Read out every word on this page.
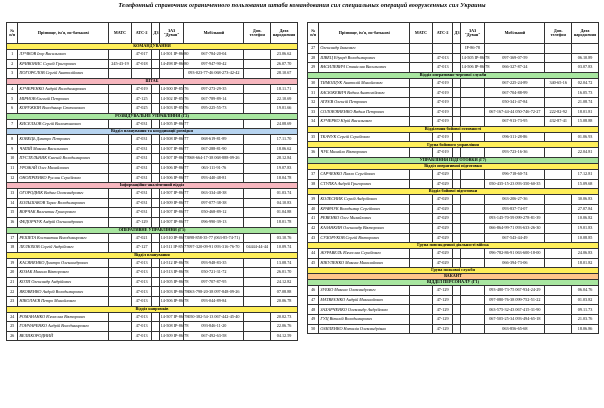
Телефонный справочник ограниченного пользования штаба командования сил специальных операций вооруженных сил Украины
№ п/п	Прізвище, ім'я, по-батькові	МАТС	АТС-2	ДЗ	ЗАЗ "Дуван"	Мобільний	Дом. телефон	Дата народження
КОМАНДУВАННЯ								
1	ЛУЧКОВ Ігор Васильович		47-017		14-501 IP-86-80	067-784-20-04		23.06.62
2	КРИВОНИС Сергій Григорович	245-43-19	47-018		14-498 IP-86-80	097-947-90-42		26.07.70
3	ПОГОРЄЛОВ Сергій Анатолійович					093-023-77-46 068-273-42-42		28.10.67
ШТАБ								
4	КУЧЕРЕНКО Андрій Володимирович		47-019		14-500 IP-85-76	097-273-29-35		18.11.71
5	МІРНОВ Євгеній Петрович		47-125		14-502 IP-85-76	067-789-89-14		22.10.69
6	КОРУЖКІН Володимир Степанович		47-025		14-503 IP-85-76	095-225-55-73		19.01.66
РОЗВІДУВАЛЬНЕ УПРАВЛІННЯ (Г2)								
7	КИСЕЛЬОВ Сергій Валентинович		47-031		14-505 IP-86-77			24.08.69
Відділ планування та координації розвідки								
8	КОВЕЦЬ Дмитро Петрович		47-031		14-508 IP-86-77	068-619-81-89		17.11.70
9	ЧАПІЙ Микола Васильович		47-031		14-507 IP-86-77	067-288-81-90		18.06.62
10	ПУСТЕЛЬНИК Євгеній Володимирович		47-031		14-507 IP-86-77	068-664-17-38 068-888-09-26		28.12.84
11	УРОЖАЙ Олег Михайлович		47-031		14-506 IP-86-77	063-111-91-76		19.07.83
12	ОНОПРІЕНКО Руслан Сергійович		47-031		14-506 IP-86-77	093-440-48-81		18.04.78
Інформаційно-аналітичний відділ								
13	ОГОРОДНІК Вадим Олександрович		47-031		14-507 IP-86-77	063-334-48-38		01.03.74
14	БОЛЬШАКОВ Тарас Володимирович		47-031		14-509 IP-86-77	097-077-38-38		04.10.83
15	ВОРЧАК Валентин Григорович		47-031		14-507 IP-86-77	050-468-89-12		01.04.88
16	ФЕДОРЧУК Андрій Олександрович		47-129		14-507 IP-86-77	096-990-39-13		18.01.78
ОПЕРАТИВНЕ УПРАВЛІННЯ (Г3)								
17	РЕШЕТА Костянтин Володимирович		47-021		14-510 IP-86-73	098-858-35-77 (063-85-74-71)		03.10.76
18	ЛЕЛЮХОВ Сергій Андрійович		47-127		14-511 IP-85-77	097-320-09-91 093-316-76-70	04444-44-44	10.09.74
Відділ планування								
19	КАСЯНЕНКО Дмитро Олександрович		47-013		14-512 IP-86-78	093-948-83-35		13.08.74
20	КОЗАК Микола Вікторович		47-013		14-513 IP-86-78	050-721-31-72		26.01.70
21	КОТИ Олександр Андрійович		47-013		14-505 IP-86-78	097-707-87-95		24.12.82
22	ЯКОВЕНКО Андрій Володимирович		47-013		14-503 IP-86-78	063-798-20-38 097-848-09-26		07.08.88
23	НІКОЛАЄВ Петро Михайлович		47-013		14-506 IP-86-78	093-044-89-84		20.06.78
Відділ напрямків								
24	РОМАНАНКО В'ячеслав Вікторович		47-013		14-507 IP-86-78	050-382-54-13 067-442-45-40		20.02.73
25	ГОНЧАРЕНКО Андрій Володимирович		47-013		14-508 IP-86-78	093-846-11-20		22.06.76
26	ВЕЛИКОРОДНИЙ		47-013		14-509 IP-86-78	067-492-63-58		04.12.59
№ п/п	Прізвище, ім'я, по-батькові	МАТС	АТС-2	ДЗ	ЗАЗ "Дуван"	Мобільний	Дом. телефон	Дата народження
27	Олександр Іванович				IP-86-78			
28	ШВЕЦ Едуард Володимирович		47-013		14-505 IP-86-78	097-369-07-59		06.10.89
29	ВАСИЛЕВИЧ Станіслав Васильович		47-013		14-506 IP-86-78	066-327-87-24		03.07.83
Відділ оперативно-чергової служби								
30	ТИМОЩУК Анатолій Михайлович		47-019			067-225-24-89	340-65-16	02.04.72
31	БАСЮКЕВИЧ Вадим Анатолійович		47-019			067-704-88-99		16.05.73
32	АГЕЄВ Олексій Петрович		47-019			050-341-47-84		21.08.74
33	СОЛОВ'ЯНЕНКО Вадим Петрович		47-019			067-167-44-44 050-746-72-27	222-82-92	18.01.81
34	КУЧЕРКО Юрій Васильович		47-019			067-913-73-95	432-87-41	15.08.88
Відділення бойової готовності								
35	ТКАЧУК Сергій Сергійович		47-019			096-311-28-86		01.06.93
Група бойового управління								
36	ЧУБ Михайло Вікторович		47-019			093-723-16-36		22.04.81
УПРАВЛІННЯ ПІДГОТОВКИ (Г7)								
Відділ оперативної підготовки								
37	САРЧЕНКО Павло Сергійович		47-029			096-718-60-74		17.12.81
38	СТУПКА Андрій Григорович		47-029			050-435-15-23 093-350-60-35		15.09.68
Відділ бойової підготовки								
39	КОЛЕСНИК Сергій Андрійович		47-029			063-206-27-36		30.06.83
40	КРАВЧУК Володимир Сергійович		47-029			093-837-74-07		27.07.84
41	РЕВЕНКО Олег Михайлович		47-029			093-145-70-59 099-278-81-39		10.06.82
42	КАЗАНКИН Олександр Вікторович		47-029			066-864-99-71 093-633-26-30		19.01.83
43	СУХОРУКОВ Сергій Вікторович		47-029			067-543-44-49		10.08.85
Група повсякденної діяльності військ								
44	ЖУРАВЕЛЬ В'ячеслав Сергійович		47-029			096-782-86-91 063-600-18-00		24.06.83
45	НІКУЛЕНКО Микола Миколайович		47-029			066-394-73-06		18.01.82
Група полкової служби								
ВАКАНТ								
ВІДДІЛ ПЕРСОНАЛУ (Г1)								
46	ЗУБКО Микола Олександрович		47-129			093-480-73-75 067-934-24-29		06.04.76
47	МАТВЕЄНКО Андрій Миколайович		47-129			097-080-76-38 099-752-51-22		01.03.82
48	ЗАХАРЧЕНКО Олександр Андрійович		47-129			063-575-32-43 067-415-31-90		09.11.73
49	ГУЦ Віталій Володимирович		47-129			067-505-25-34 093-494-65-18		21.03.76
50	ОЗИЛЕНКО Наталія Олександрівна		47-129			063-856-65-68		18.06.86
